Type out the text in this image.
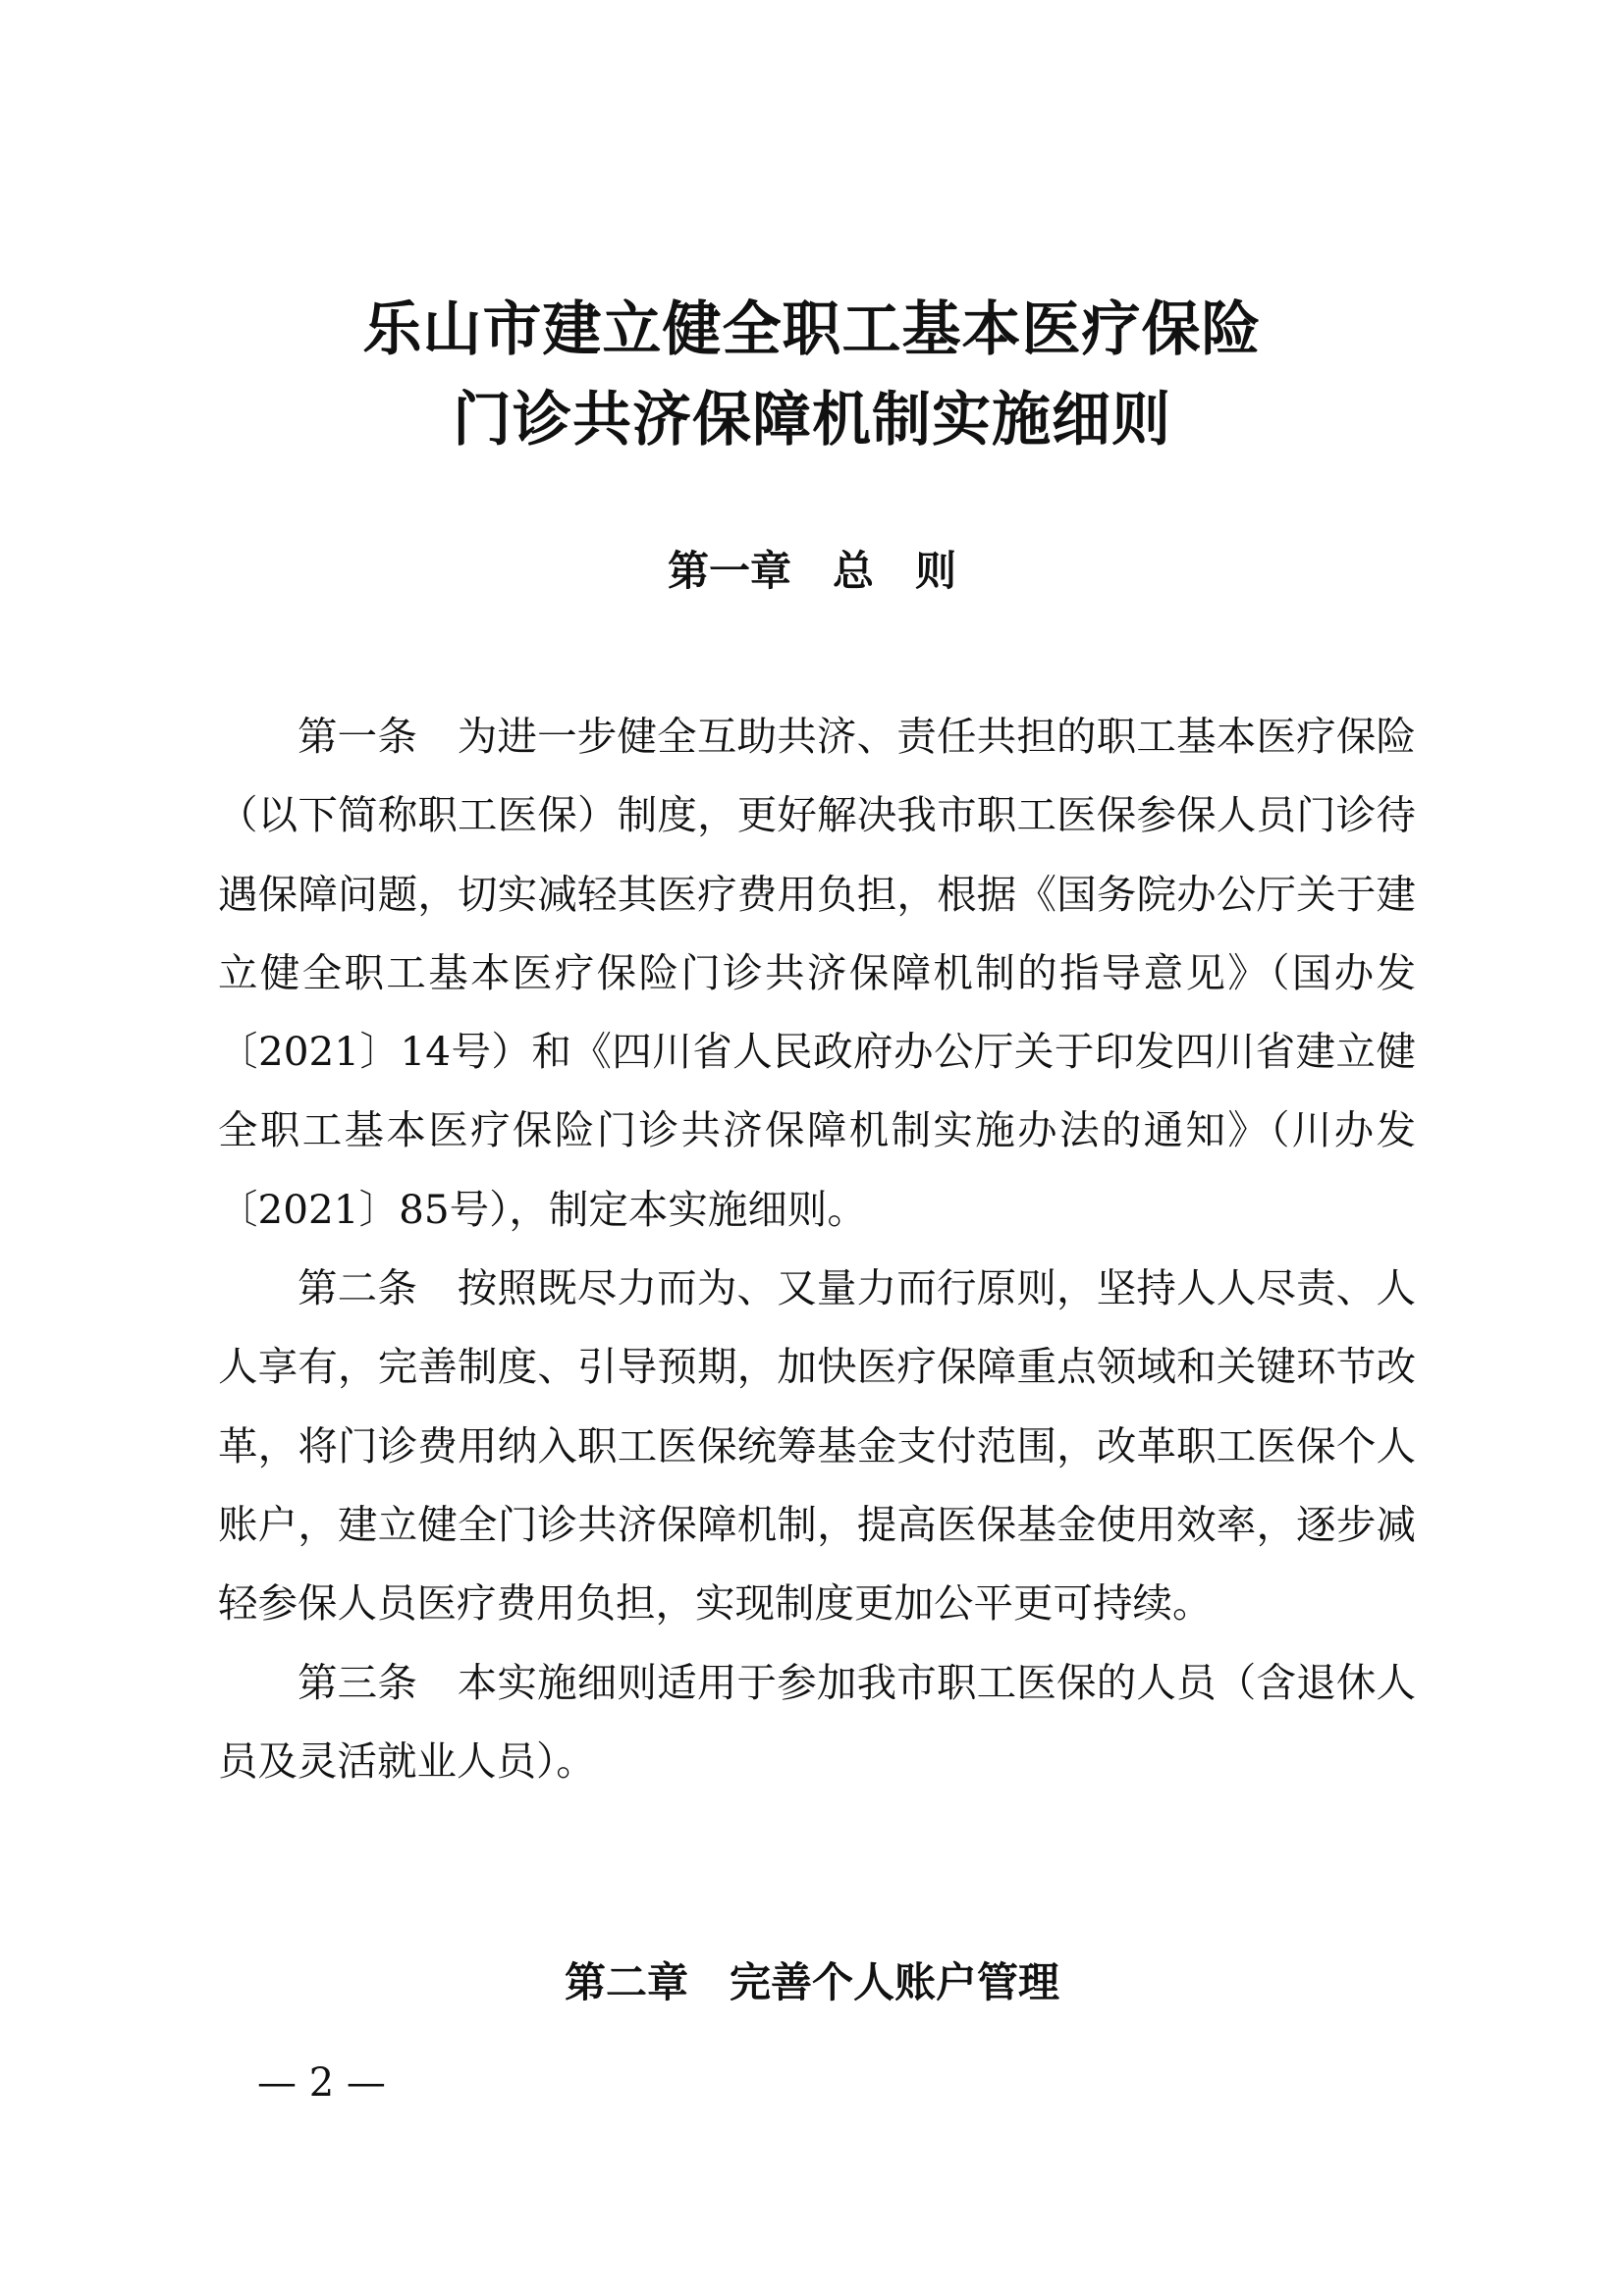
乐山市建立健全职工基本医疗保险
门诊共济保障机制实施细则
第一章　总　则

第一条　为进一步健全互助共济、责任共担的职工基本医疗保险（以下简称职工医保）制度，更好解决我市职工医保参保人员门诊待遇保障问题，切实减轻其医疗费用负担，根据《国务院办公厅关于建立健全职工基本医疗保险门诊共济保障机制的指导意见》（国办发〔2021〕14号）和《四川省人民政府办公厅关于印发四川省建立健全职工基本医疗保险门诊共济保障机制实施办法的通知》（川办发〔2021〕85号），制定本实施细则。

第二条　按照既尽力而为、又量力而行原则，坚持人人尽责、人人享有，完善制度、引导预期，加快医疗保障重点领域和关键环节改革，将门诊费用纳入职工医保统筹基金支付范围，改革职工医保个人账户，建立健全门诊共济保障机制，提高医保基金使用效率，逐步减轻参保人员医疗费用负担，实现制度更加公平更可持续。

第三条　本实施细则适用于参加我市职工医保的人员（含退休人员及灵活就业人员）。

第二章　完善个人账户管理
— 2 —
